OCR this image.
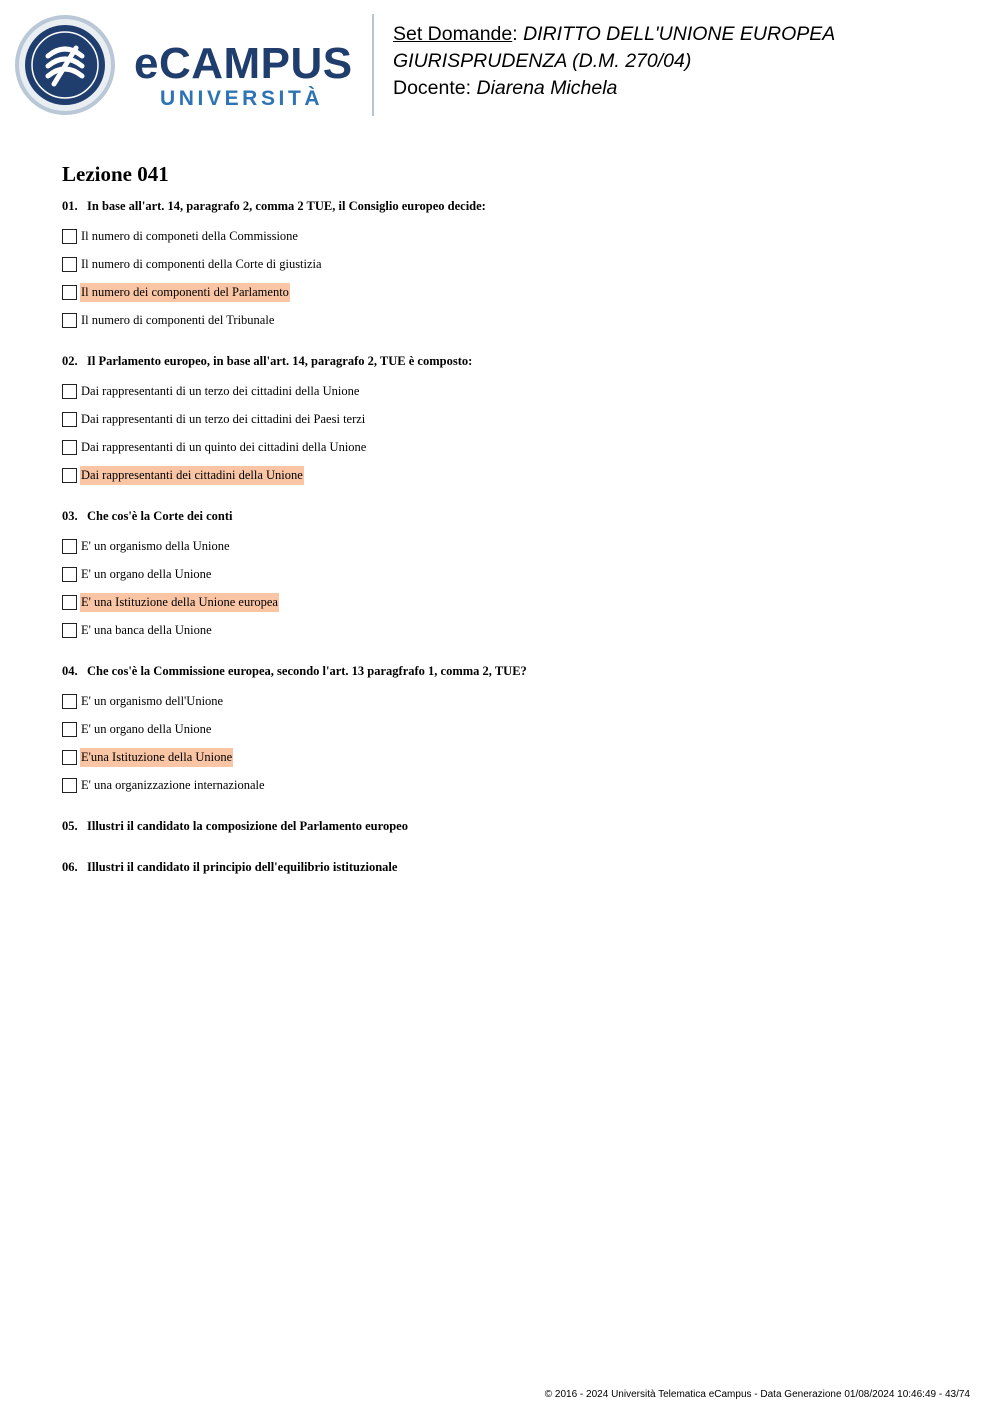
eCAMPUS
UNIVERSITÀ
Set Domande: DIRITTO DELL'UNIONE EUROPEA
GIURISPRUDENZA (D.M. 270/04)
Docente: Diarena Michela
Lezione 041
01. In base all'art. 14, paragrafo 2, comma 2 TUE, il Consiglio europeo decide:
Il numero di componeti della Commissione
Il numero di componenti della Corte di giustizia
Il numero dei componenti del Parlamento
Il numero di componenti del Tribunale
02. Il Parlamento europeo, in base all'art. 14, paragrafo 2, TUE è composto:
Dai rappresentanti di un terzo dei cittadini della Unione
Dai rappresentanti di un terzo dei cittadini dei Paesi terzi
Dai rappresentanti di un quinto dei cittadini della Unione
Dai rappresentanti dei cittadini della Unione
03. Che cos'è la Corte dei conti
E' un organismo della Unione
E' un organo della Unione
E' una Istituzione della Unione europea
E' una banca della Unione
04. Che cos'è la Commissione europea, secondo l'art. 13 paragfrafo 1, comma 2, TUE?
E' un organismo dell'Unione
E' un organo della Unione
E'una Istituzione della Unione
E' una organizzazione internazionale
05. Illustri il candidato la composizione del Parlamento europeo
06. Illustri il candidato il principio dell'equilibrio istituzionale
© 2016 - 2024 Università Telematica eCampus - Data Generazione 01/08/2024 10:46:49 - 43/74
